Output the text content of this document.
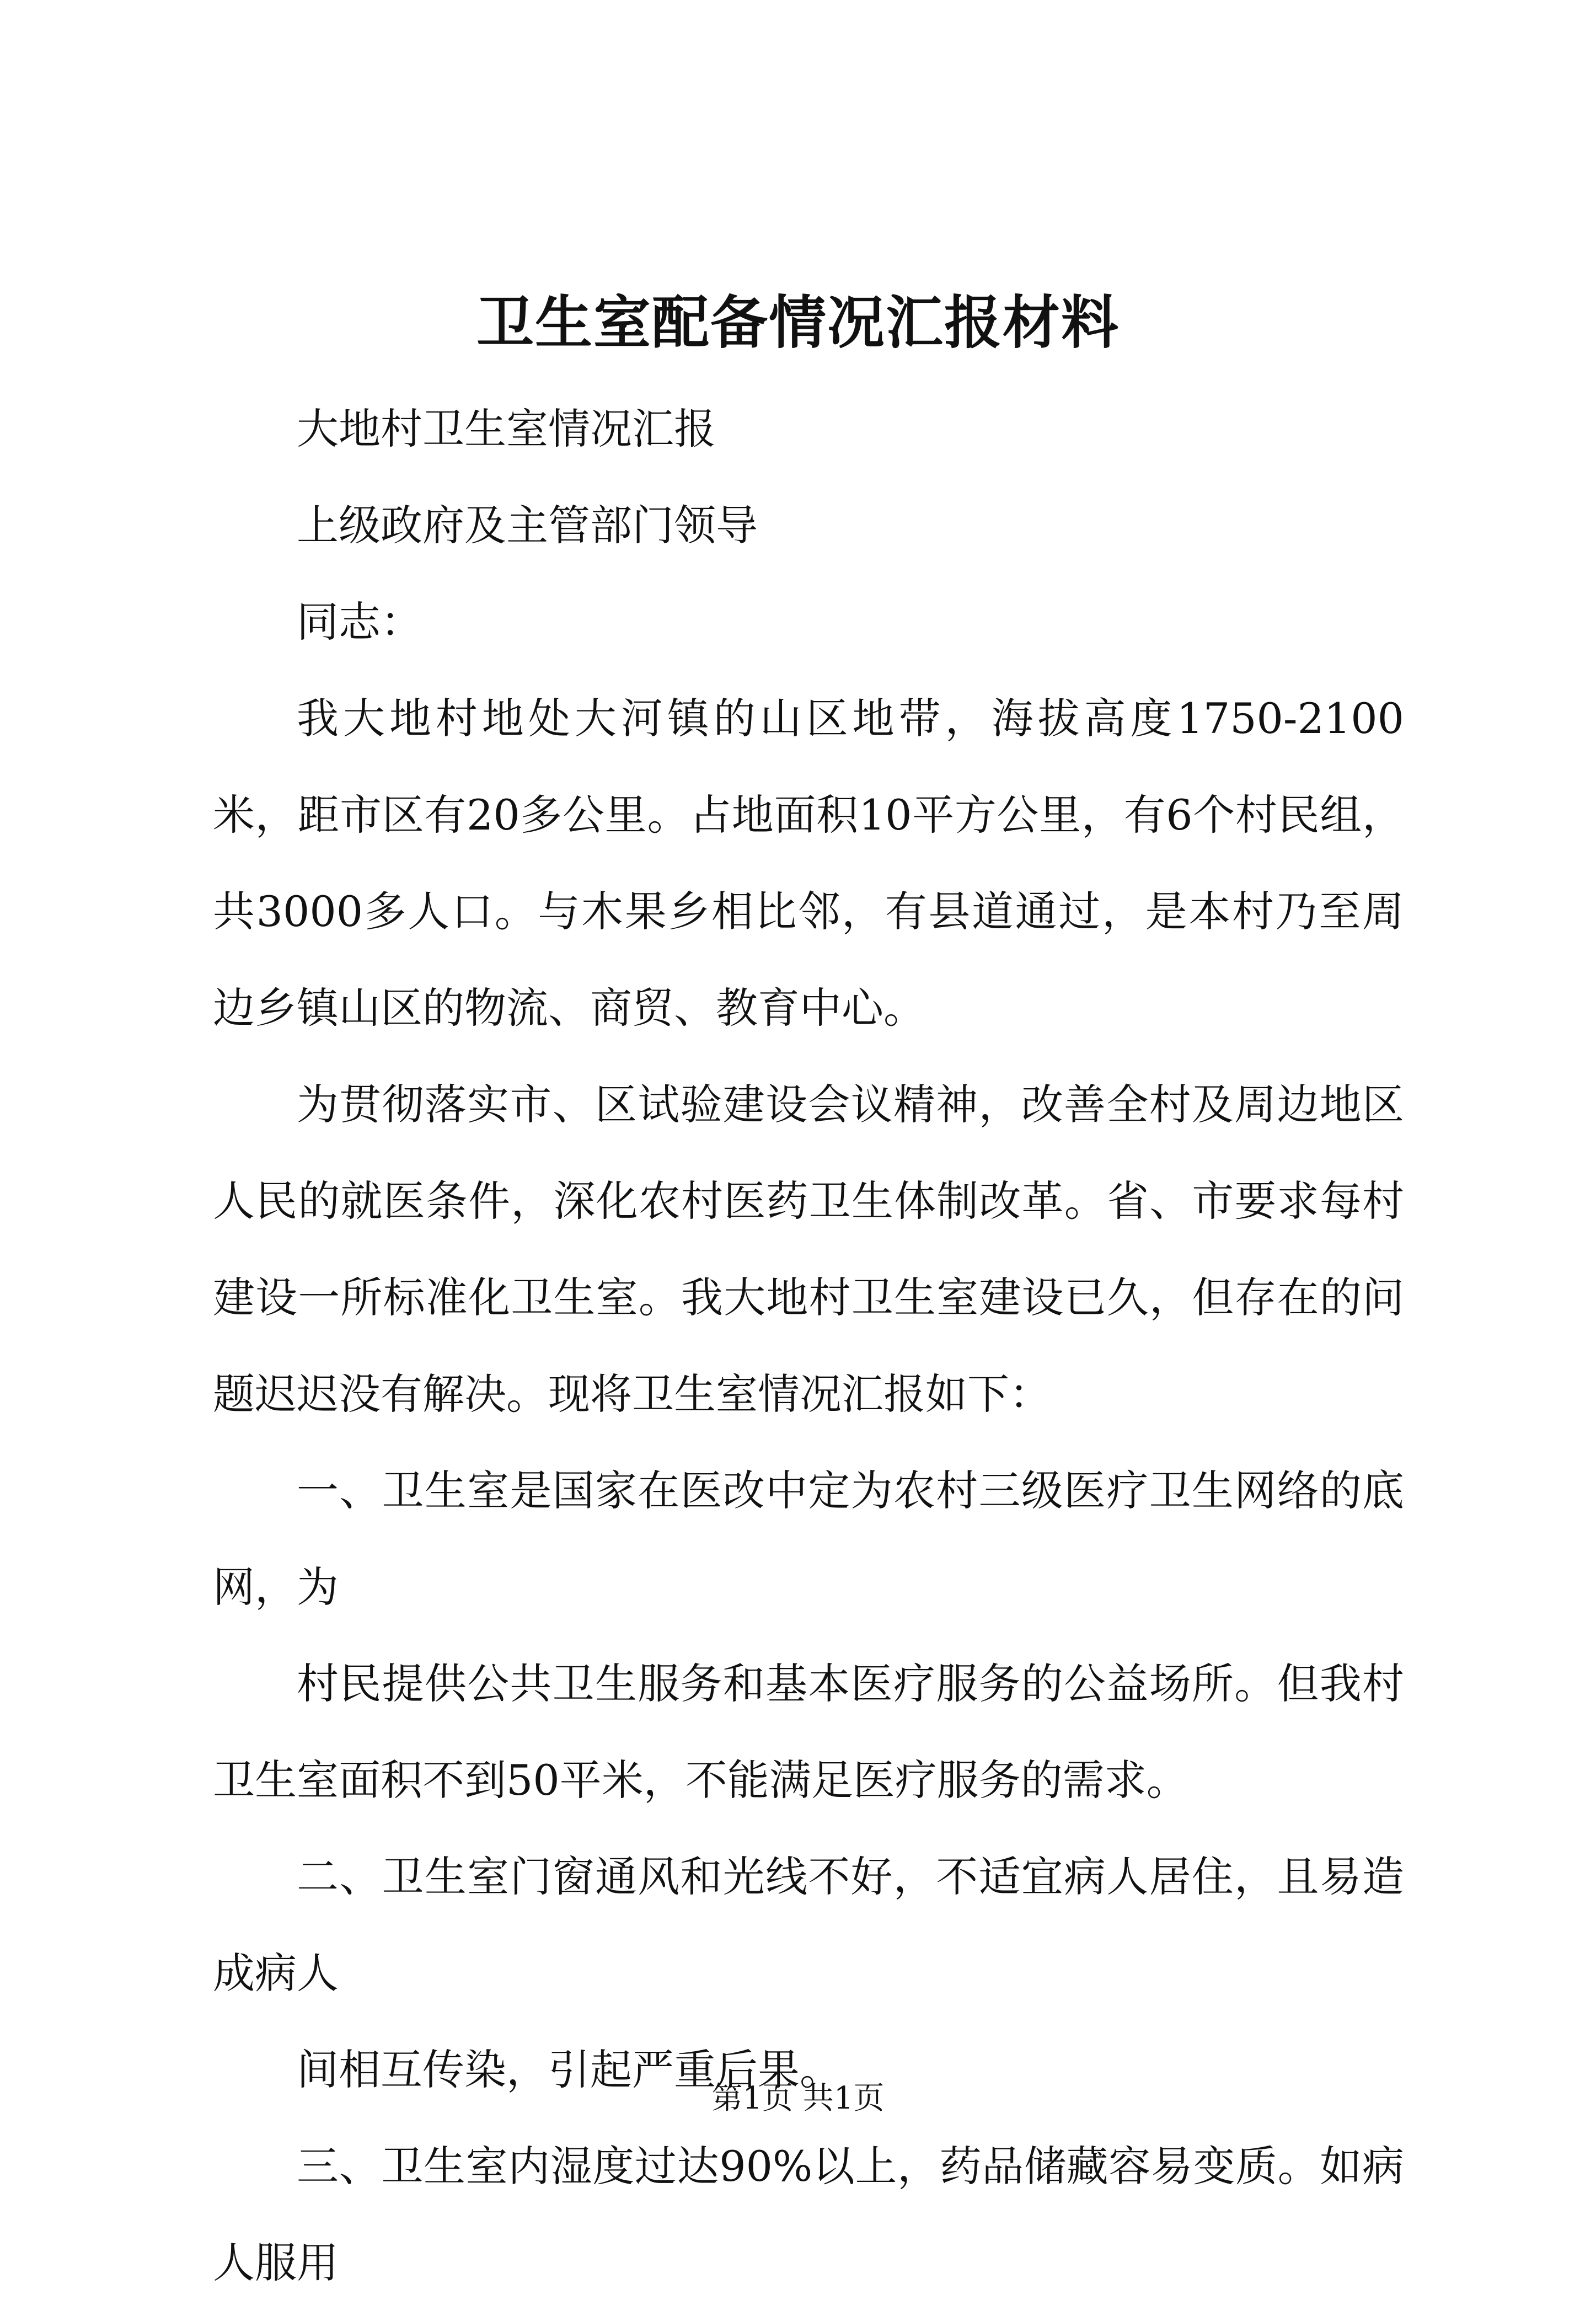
卫生室配备情况汇报材料

大地村卫生室情况汇报

上级政府及主管部门领导

同志：

我大地村地处大河镇的山区地带，海拔高度1750-2100米，距市区有20多公里。占地面积10平方公里，有6个村民组，共3000多人口。与木果乡相比邻，有县道通过，是本村乃至周边乡镇山区的物流、商贸、教育中心。

为贯彻落实市、区试验建设会议精神，改善全村及周边地区人民的就医条件，深化农村医药卫生体制改革。省、市要求每村建设一所标准化卫生室。我大地村卫生室建设已久，但存在的问题迟迟没有解决。现将卫生室情况汇报如下：

一、卫生室是国家在医改中定为农村三级医疗卫生网络的底网，为

村民提供公共卫生服务和基本医疗服务的公益场所。但我村卫生室面积不到50平米，不能满足医疗服务的需求。

二、卫生室门窗通风和光线不好，不适宜病人居住，且易造成病人

间相互传染，引起严重后果。

三、卫生室内湿度过达90%以上，药品储藏容易变质。如病人服用

第1页 共1页
